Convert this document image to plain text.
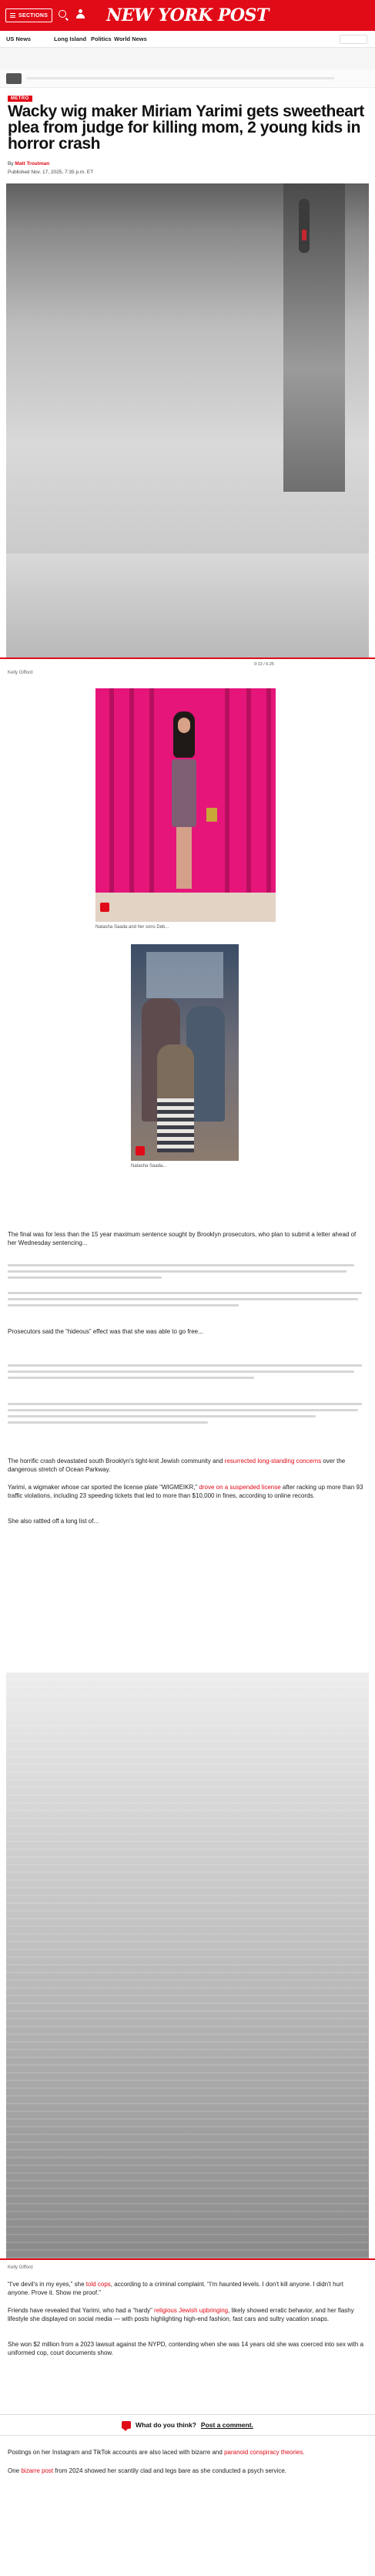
SECTIONS	NEW YORK POST
US News	Long Island Politics World News
METRO
Wacky wig maker Miriam Yarimi gets sweetheart plea from judge for killing mom, 2 young kids in horror crash
By Matt Troutman
Published Nov. 17, 2025, 7:35 p.m. ET
0:13 / 6:25
Kelly Gifford
Natasha Saada and her sons Deb...
Natasha Saada...

The final was for less than the 15 year maximum sentence sought by Brooklyn prosecutors, who plan to submit a letter ahead of her Wednesday sentencing...

Prosecutors said the “hideous” effect was that she was able to go free...

The horrific crash devastated south Brooklyn's tight-knit Jewish community and resurrected long-standing concerns over the dangerous stretch of Ocean Parkway.

Yarimi, a wigmaker whose car sported the license plate “WIGMEIKR,” drove on a suspended license after racking up more than 93 traffic violations, including 23 speeding tickets that led to more than $10,000 in fines, according to online records.

She also rattled off a long list of...

Kelly Gifford

“I've devil's in my eyes,” she told cops, according to a criminal complaint. “I'm haunted levels. I don't kill anyone. I didn't hurt anyone. Prove it. Show me proof.”

Friends have revealed that Yarimi, who had a “hardy” religious Jewish upbringing, likely showed erratic behavior, and her flashy lifestyle she displayed on social media — with posts highlighting high-end fashion, fast cars and sultry vacation snaps.

She won $2 million from a 2023 lawsuit against the NYPD, contending when she was 14 years old she was coerced into sex with a uniformed cop, court documents show.

What do you think? Post a comment.

Postings on her Instagram and TikTok accounts are also laced with bizarre and paranoid conspiracy theories.

One bizarre post from 2024 showed her scantily clad and legs bare as she conducted a psych service.
